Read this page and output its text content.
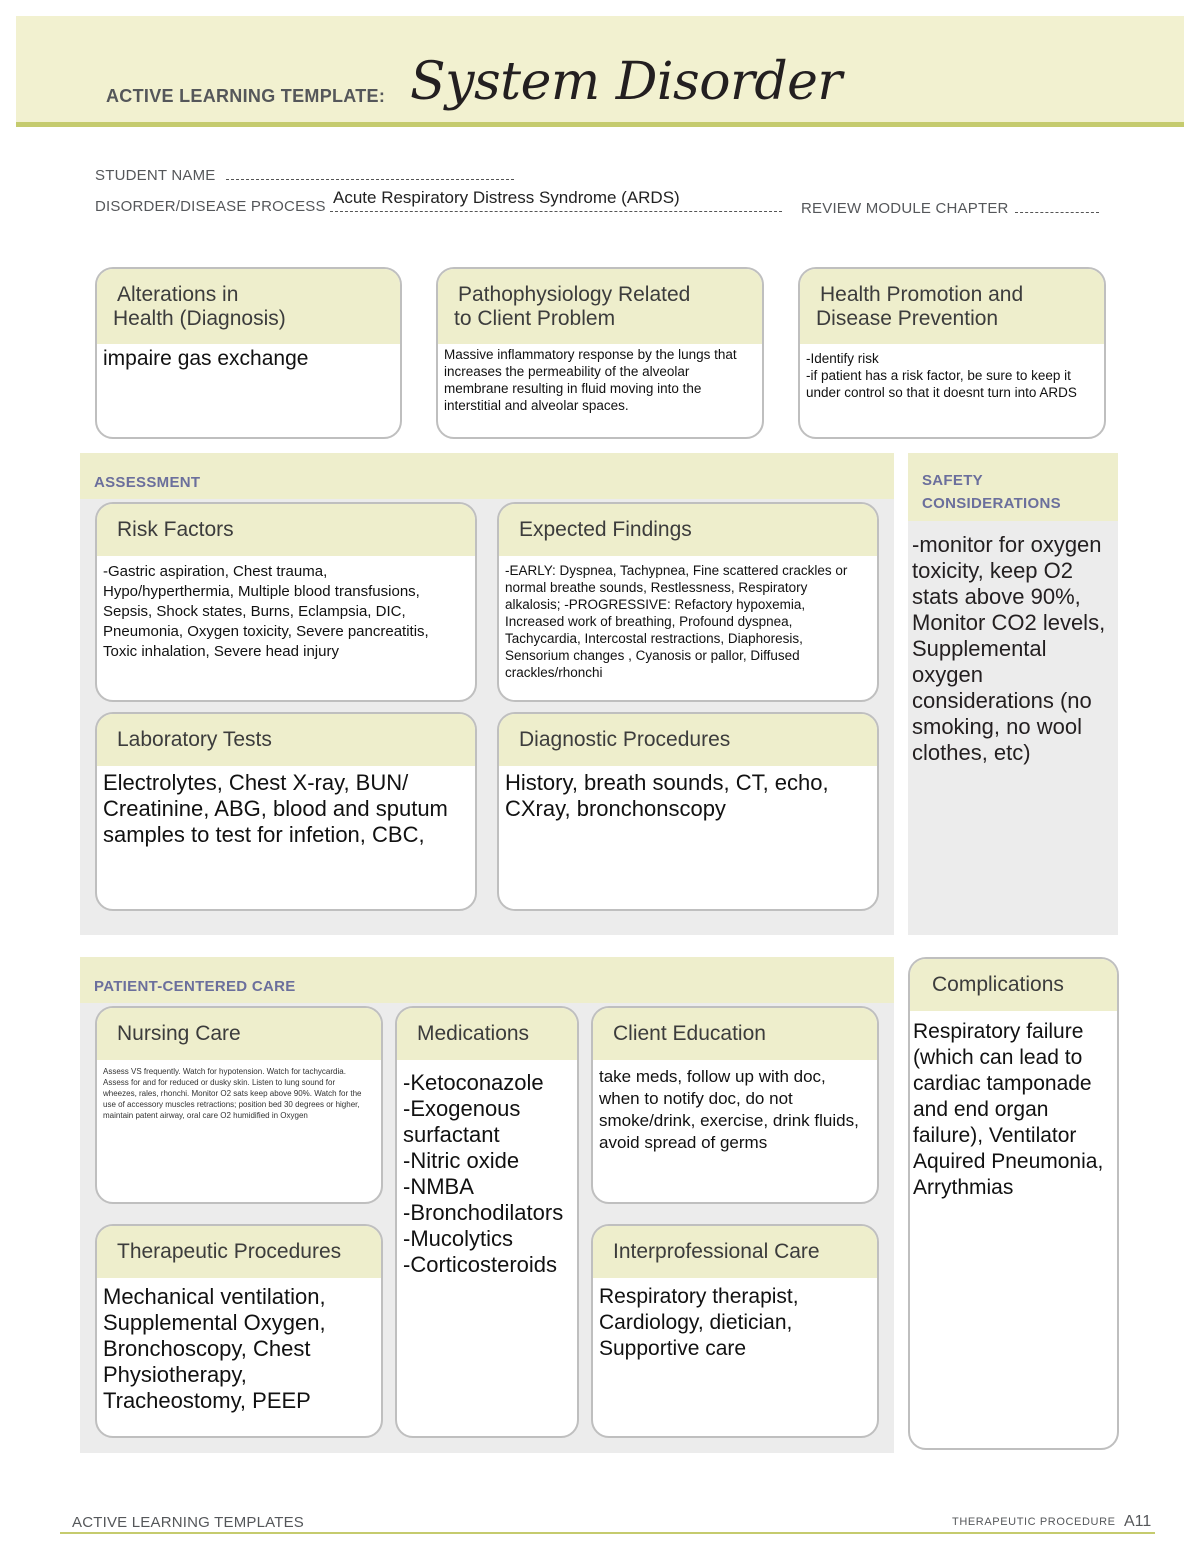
ACTIVE LEARNING TEMPLATE: System Disorder
STUDENT NAME
DISORDER/DISEASE PROCESS Acute Respiratory Distress Syndrome (ARDS)
REVIEW MODULE CHAPTER
Alterations in
Health (Diagnosis)
impaire gas exchange
Pathophysiology Related
to Client Problem
Massive inflammatory response by the lungs that increases the permeability of the alveolar membrane resulting in fluid moving into the interstitial and alveolar spaces.
Health Promotion and
Disease Prevention
-Identify risk
-if patient has a risk factor, be sure to keep it under control so that it doesnt turn into ARDS
ASSESSMENT
Risk Factors
-Gastric aspiration, Chest trauma, Hypo/hyperthermia, Multiple blood transfusions, Sepsis, Shock states, Burns, Eclampsia, DIC, Pneumonia, Oxygen toxicity, Severe pancreatitis, Toxic inhalation, Severe head injury
Expected Findings
-EARLY: Dyspnea, Tachypnea, Fine scattered crackles or normal breathe sounds, Restlessness, Respiratory alkalosis; -PROGRESSIVE: Refactory hypoxemia, Increased work of breathing, Profound dyspnea, Tachycardia, Intercostal restractions, Diaphoresis, Sensorium changes , Cyanosis or pallor, Diffused crackles/rhonchi
Laboratory Tests
Electrolytes, Chest X-ray, BUN/ Creatinine, ABG, blood and sputum samples to test for infetion, CBC,
Diagnostic Procedures
History, breath sounds, CT, echo, CXray, bronchonscopy
SAFETY
CONSIDERATIONS
-monitor for oxygen toxicity, keep O2 stats above 90%, Monitor CO2 levels, Supplemental oxygen considerations (no smoking, no wool clothes, etc)
PATIENT-CENTERED CARE
Nursing Care
Assess VS frequently. Watch for hypotension. Watch for tachycardia. Assess for and for reduced or dusky skin. Listen to lung sound for wheezes, rales, rhonchi. Monitor O2 sats keep above 90%. Watch for the use of accessory muscles retractions; position bed 30 degrees or higher, maintain patent airway, oral care O2 humidified in Oxygen
Medications
-Ketoconazole
-Exogenous surfactant
-Nitric oxide
-NMBA
-Bronchodilators
-Mucolytics
-Corticosteroids
Client Education
take meds, follow up with doc, when to notify doc, do not smoke/drink, exercise, drink fluids, avoid spread of germs
Therapeutic Procedures
Mechanical ventilation, Supplemental Oxygen, Bronchoscopy, Chest Physiotherapy, Tracheostomy, PEEP
Interprofessional Care
Respiratory therapist, Cardiology, dietician, Supportive care
Complications
Respiratory failure (which can lead to cardiac tamponade and end organ failure), Ventilator Aquired Pneumonia, Arrythmias
ACTIVE LEARNING TEMPLATES	THERAPEUTIC PROCEDURE A11
